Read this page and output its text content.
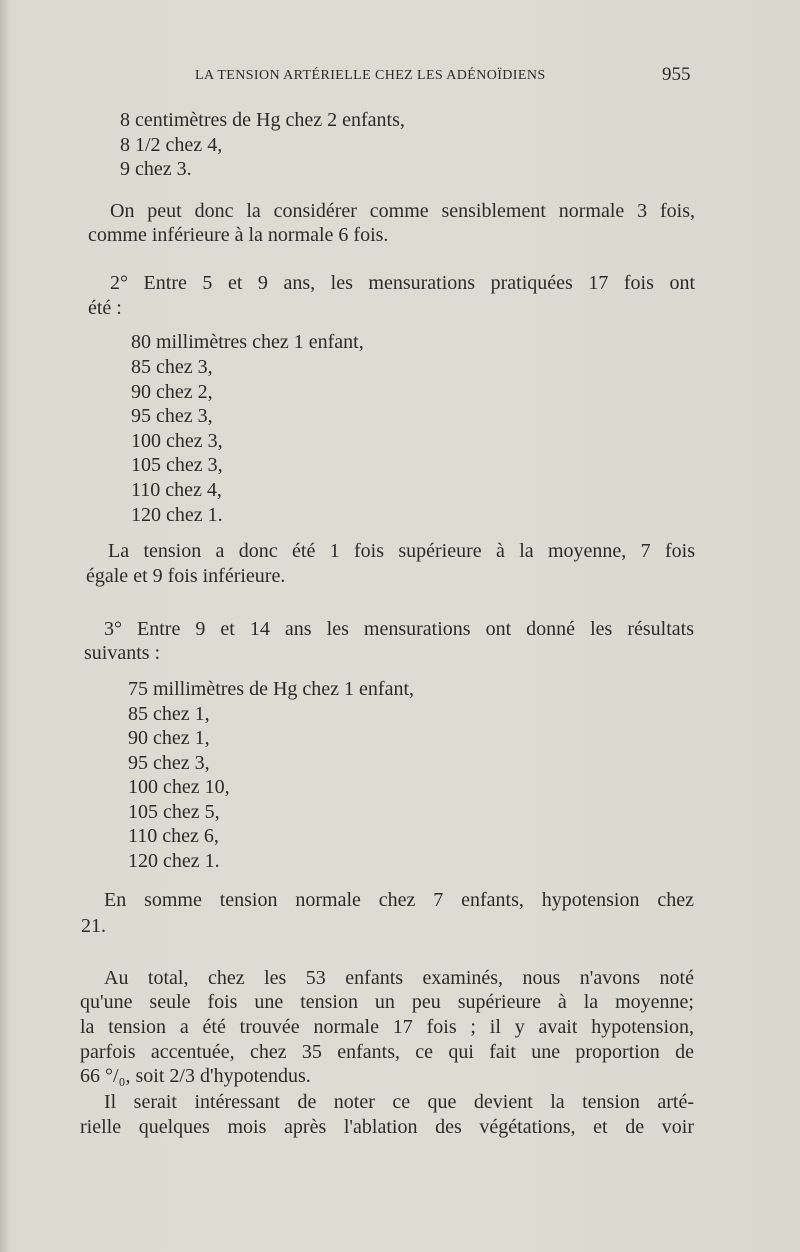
LA TENSION ARTÉRIELLE CHEZ LES ADÉNOÏDIENS	955
8 centimètres de Hg chez 2 enfants,
8 1/2 chez 4,
9 chez 3.
On peut donc la considérer comme sensiblement normale 3 fois,
comme inférieure à la normale 6 fois.
2° Entre 5 et 9 ans, les mensurations pratiquées 17 fois ont
été :
80 millimètres chez 1 enfant,
85 chez 3,
90 chez 2,
95 chez 3,
100 chez 3,
105 chez 3,
110 chez 4,
120 chez 1.
La tension a donc été 1 fois supérieure à la moyenne, 7 fois
égale et 9 fois inférieure.
3° Entre 9 et 14 ans les mensurations ont donné les résultats
suivants :
75 millimètres de Hg chez 1 enfant,
85 chez 1,
90 chez 1,
95 chez 3,
100 chez 10,
105 chez 5,
110 chez 6,
120 chez 1.
En somme tension normale chez 7 enfants, hypotension chez
21.
Au total, chez les 53 enfants examinés, nous n'avons noté
qu'une seule fois une tension un peu supérieure à la moyenne;
la tension a été trouvée normale 17 fois ; il y avait hypotension,
parfois accentuée, chez 35 enfants, ce qui fait une proportion de
66 °/₀, soit 2/3 d'hypotendus.
Il serait intéressant de noter ce que devient la tension arté-
rielle quelques mois après l'ablation des végétations, et de voir
